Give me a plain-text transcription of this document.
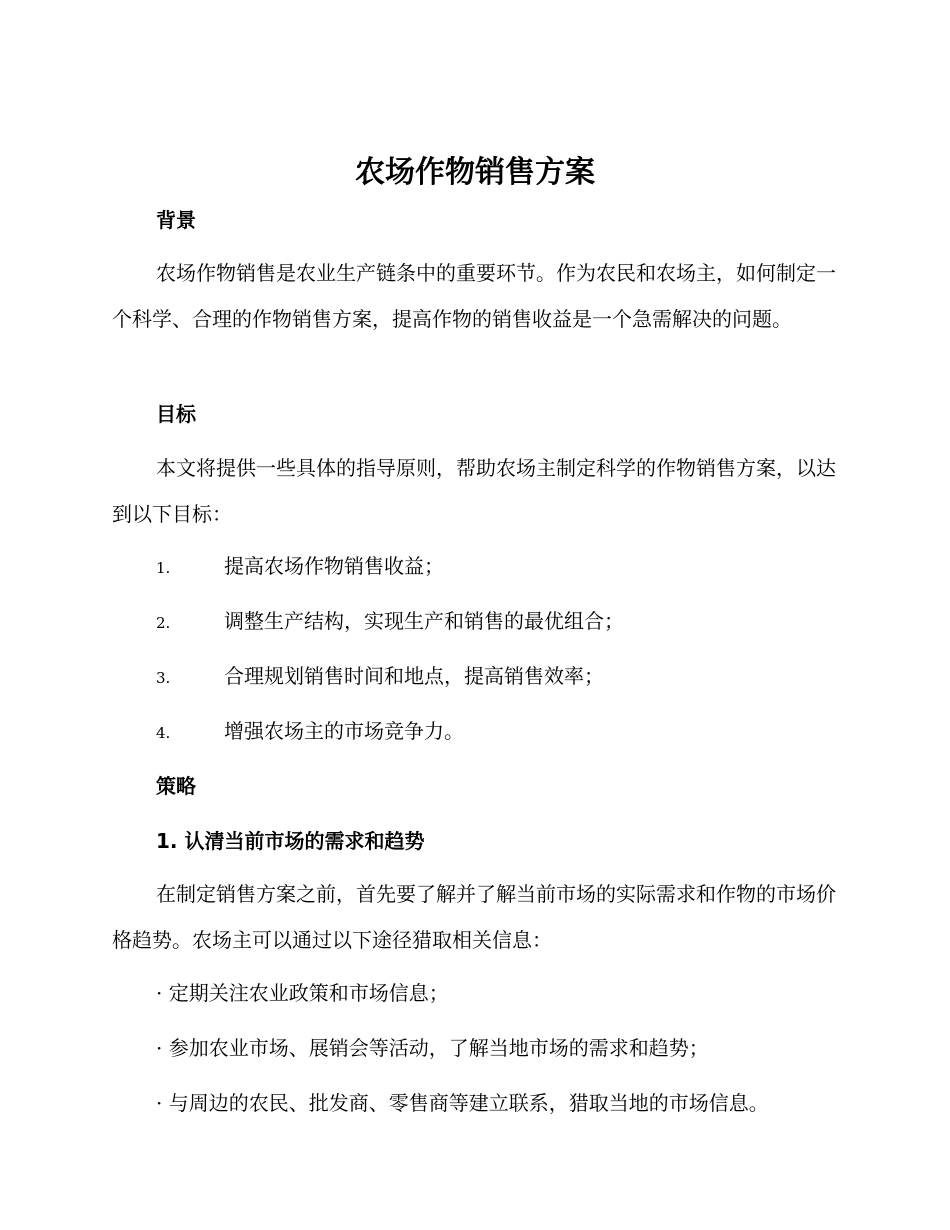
农场作物销售方案
背景

农场作物销售是农业生产链条中的重要环节。作为农民和农场主，如何制定一个科学、合理的作物销售方案，提高作物的销售收益是一个急需解决的问题。

目标

本文将提供一些具体的指导原则，帮助农场主制定科学的作物销售方案，以达到以下目标：

1.	提高农场作物销售收益；
2.	调整生产结构，实现生产和销售的最优组合；
3.	合理规划销售时间和地点，提高销售效率；
4.	增强农场主的市场竞争力。
策略
1. 认清当前市场的需求和趋势

在制定销售方案之前，首先要了解并了解当前市场的实际需求和作物的市场价格趋势。农场主可以通过以下途径猎取相关信息：

· 定期关注农业政策和市场信息；

· 参加农业市场、展销会等活动，了解当地市场的需求和趋势；

· 与周边的农民、批发商、零售商等建立联系，猎取当地的市场信息。
